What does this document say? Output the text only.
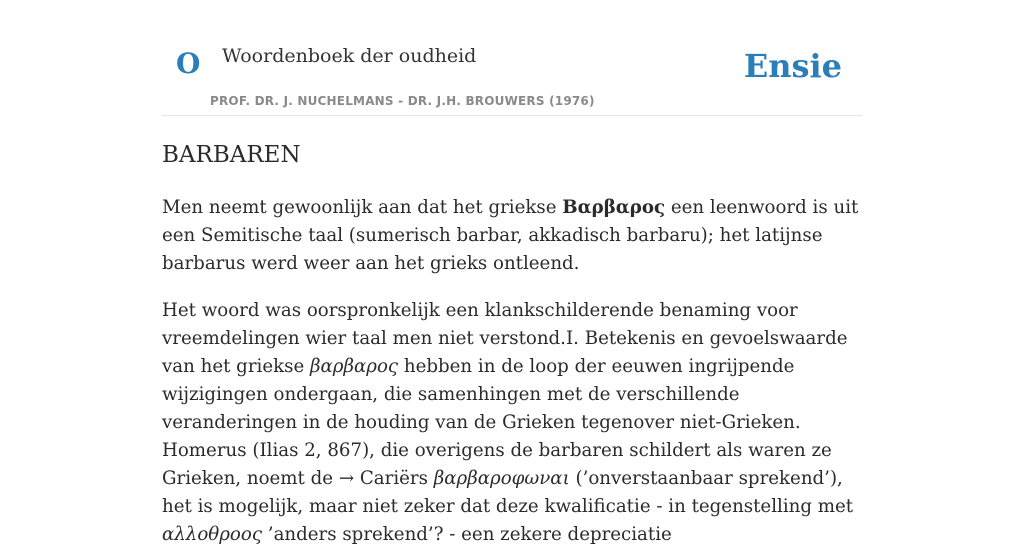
O Woordenboek der oudheid
PROF. DR. J. NUCHELMANS - DR. J.H. BROUWERS (1976)
Ensie
BARBAREN

Men neemt gewoonlijk aan dat het griekse Βαρβαρος een leenwoord is uit een Semitische taal (sumerisch barbar, akkadisch barbaru); het latijnse barbarus werd weer aan het grieks ontleend.

Het woord was oorspronkelijk een klankschilderende benaming voor vreemdelingen wier taal men niet verstond.I. Betekenis en gevoelswaarde van het griekse βαρβαρος hebben in de loop der eeuwen ingrijpende wijzigingen ondergaan, die samenhingen met de verschillende veranderingen in de houding van de Grieken tegenover niet-Grieken. Homerus (Ilias 2, 867), die overigens de barbaren schildert als waren ze Grieken, noemt de → Cariërs βαρβαροφωναι (’onverstaanbaar sprekend’), het is mogelijk, maar niet zeker dat deze kwalificatie - in tegenstelling met αλλοθροος ’anders sprekend’? - een zekere depreciatie
